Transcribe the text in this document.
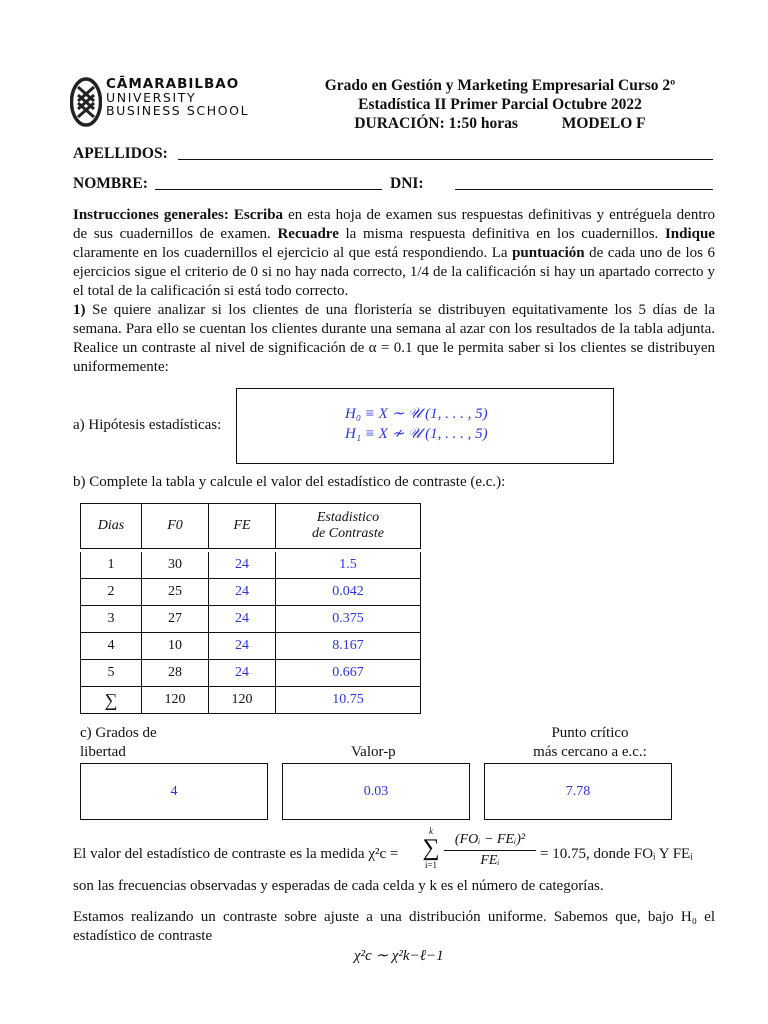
CĀMARABILBAO
UNIVERSITY
BUSINESS SCHOOL
Grado en Gestión y Marketing Empresarial Curso 2º
Estadística II Primer Parcial Octubre 2022
DURACIÓN: 1:50 horas	MODELO F
APELLIDOS:
NOMBRE:	DNI:
Instrucciones generales: Escriba en esta hoja de examen sus respuestas definitivas y entréguela dentro de sus cuadernillos de examen. Recuadre la misma respuesta definitiva en los cuadernillos. Indique claramente en los cuadernillos el ejercicio al que está respondiendo. La puntuación de cada uno de los 6 ejercicios sigue el criterio de 0 si no hay nada correcto, 1/4 de la calificación si hay un apartado correcto y el total de la calificación si está todo correcto.
1) Se quiere analizar si los clientes de una floristería se distribuyen equitativamente los 5 días de la semana. Para ello se cuentan los clientes durante una semana al azar con los resultados de la tabla adjunta. Realice un contraste al nivel de significación de α = 0.1 que le permita saber si los clientes se distribuyen uniformemente:
a) Hipótesis estadísticas:
H₀ ≡ X ∼ 𝒰 (1, . . . , 5)
H₁ ≡ X ≁ 𝒰 (1, . . . , 5)
b) Complete la tabla y calcule el valor del estadístico de contraste (e.c.):
Dias	F0	FE	Estadistico
de Contraste

1	30	24	1.5
2	25	24	0.042
3	27	24	0.375
4	10	24	8.167
5	28	24	0.667
∑	120	120	10.75
c) Grados de
libertad	Valor-p
Punto crítico
más cercano a e.c.:
4	0.03	7.78
El valor del estadístico de contraste es la medida χ²c =
k
∑
i=1
(FOᵢ − FEᵢ)²
FEᵢ	= 10.75, donde FOᵢ Y FEᵢ
son las frecuencias observadas y esperadas de cada celda y k es el número de categorías.
Estamos realizando un contraste sobre ajuste a una distribución uniforme. Sabemos que, bajo H₀ el estadístico de contraste
χ²c ∼ χ²k−ℓ−1
